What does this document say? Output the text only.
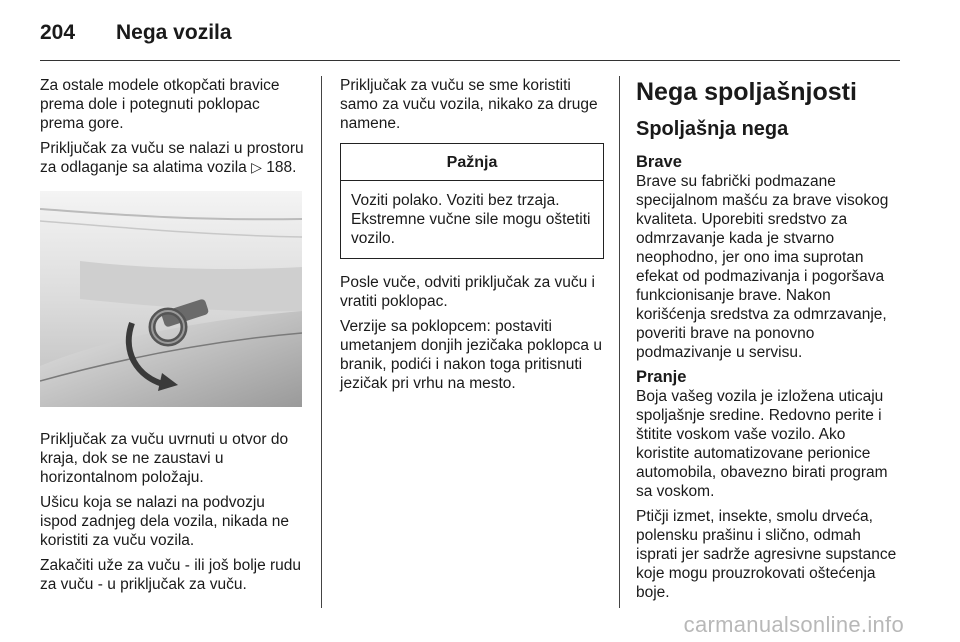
204	Nega vozila

Za ostale modele otkopčati bravice prema dole i potegnuti poklopac prema gore.

Priključak za vuču se nalazi u prostoru za odlaganje sa alatima vozila ▷ 188.

Priključak za vuču uvrnuti u otvor do kraja, dok se ne zaustavi u horizontalnom položaju.

Ušicu koja se nalazi na podvozju ispod zadnjeg dela vozila, nikada ne koristiti za vuču vozila.

Zakačiti uže za vuču - ili još bolje rudu za vuču - u priključak za vuču.

Priključak za vuču se sme koristiti samo za vuču vozila, nikako za druge namene.

Pažnja
Voziti polako. Voziti bez trzaja. Ekstremne vučne sile mogu oštetiti vozilo.

Posle vuče, odviti priključak za vuču i vratiti poklopac.

Verzije sa poklopcem: postaviti umetanjem donjih jezičaka poklopca u branik, podići i nakon toga pritisnuti jezičak pri vrhu na mesto.

Nega spoljašnjosti
Spoljašnja nega
Brave

Brave su fabrički podmazane specijalnom mašću za brave visokog kvaliteta. Uporebiti sredstvo za odmrzavanje kada je stvarno neophodno, jer ono ima suprotan efekat od podmazivanja i pogoršava funkcionisanje brave. Nakon korišćenja sredstva za odmrzavanje, poveriti brave na ponovno podmazivanje u servisu.

Pranje

Boja vašeg vozila je izložena uticaju spoljašnje sredine. Redovno perite i štitite voskom vaše vozilo. Ako koristite automatizovane perionice automobila, obavezno birati program sa voskom.

Ptičji izmet, insekte, smolu drveća, polensku prašinu i slično, odmah isprati jer sadrže agresivne supstance koje mogu prouzrokovati oštećenja boje.

carmanualsonline.info
